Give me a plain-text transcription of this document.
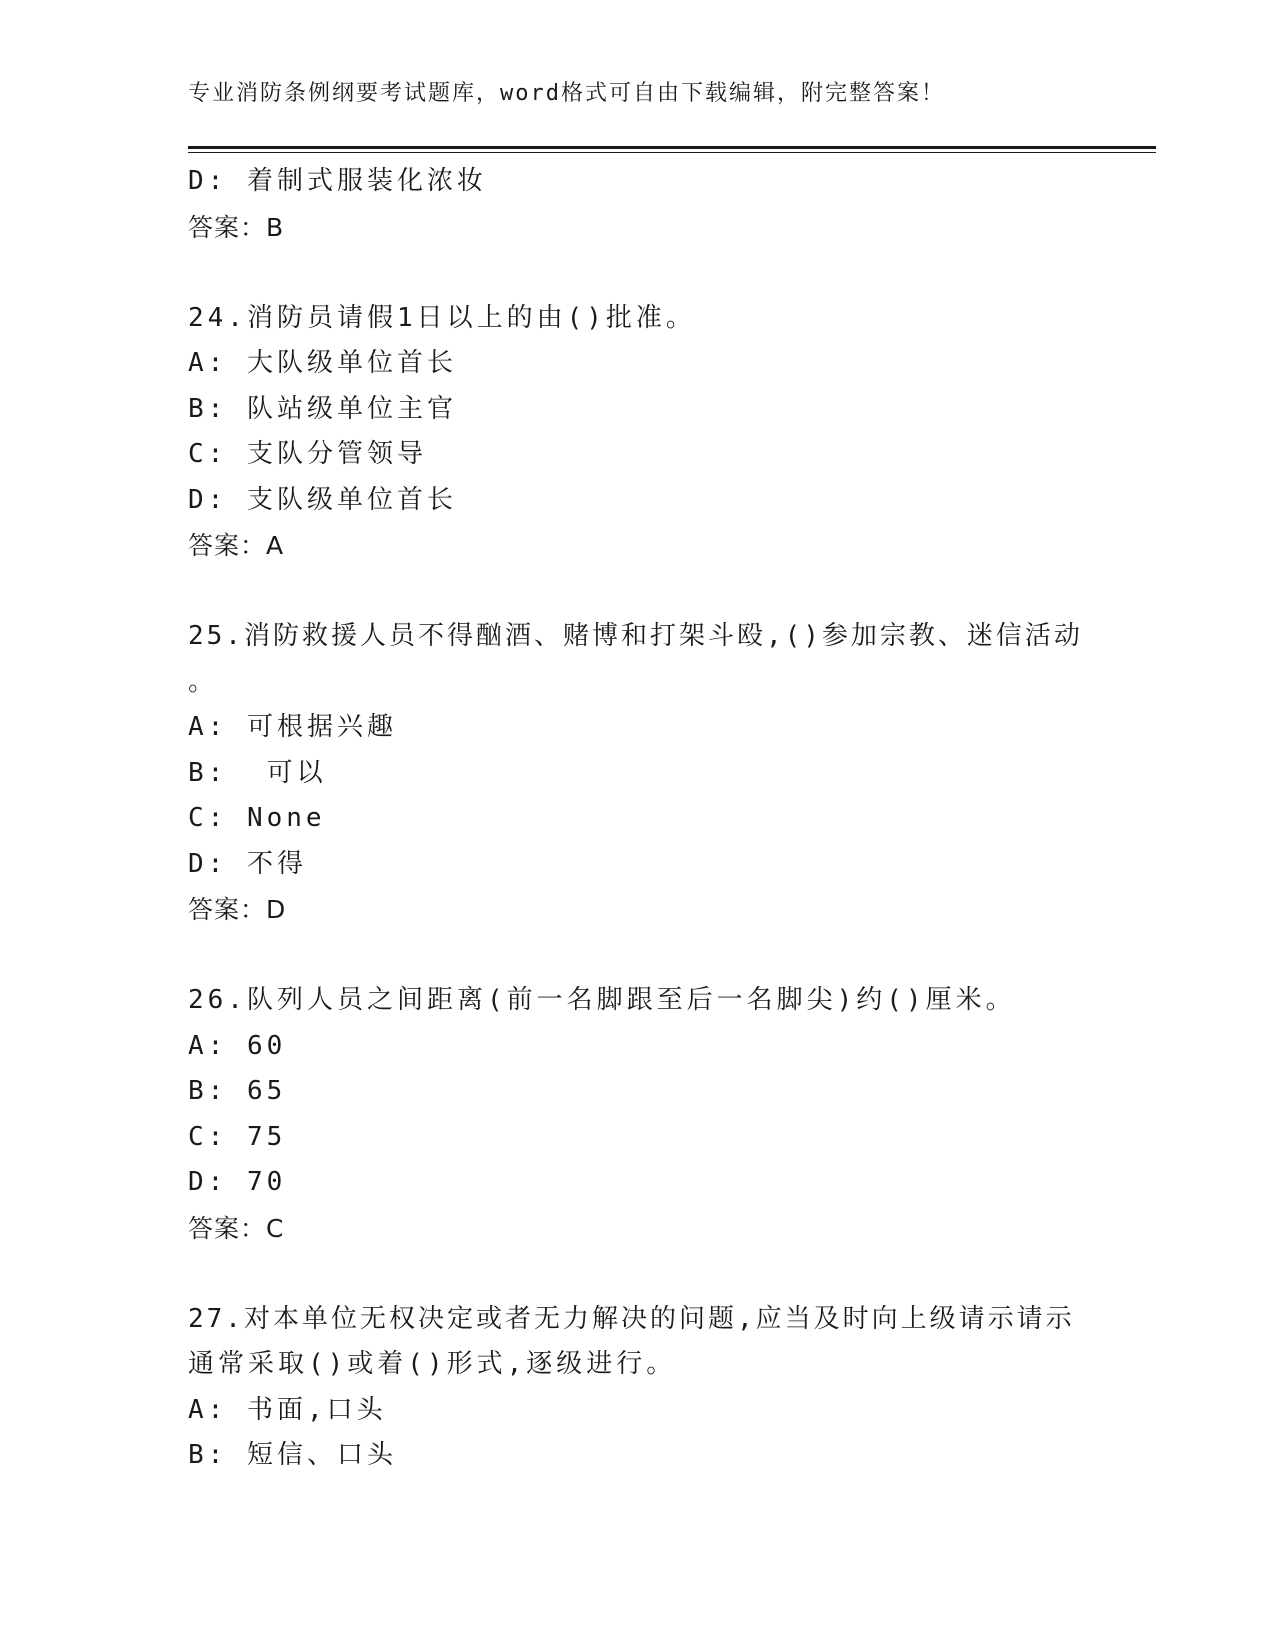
专业消防条例纲要考试题库，word格式可自由下载编辑，附完整答案！
D: 着制式服装化浓妆
答案：B
24.消防员请假1日以上的由()批准。
A: 大队级单位首长
B: 队站级单位主官
C: 支队分管领导
D: 支队级单位首长
答案：A
25.消防救援人员不得酗酒、赌博和打架斗殴,()参加宗教、迷信活动
。
A: 可根据兴趣
B:  可以
C: None
D: 不得
答案：D
26.队列人员之间距离(前一名脚跟至后一名脚尖)约()厘米。
A: 60
B: 65
C: 75
D: 70
答案：C
27.对本单位无权决定或者无力解决的问题,应当及时向上级请示请示
通常采取()或着()形式,逐级进行。
A: 书面,口头
B: 短信、口头
